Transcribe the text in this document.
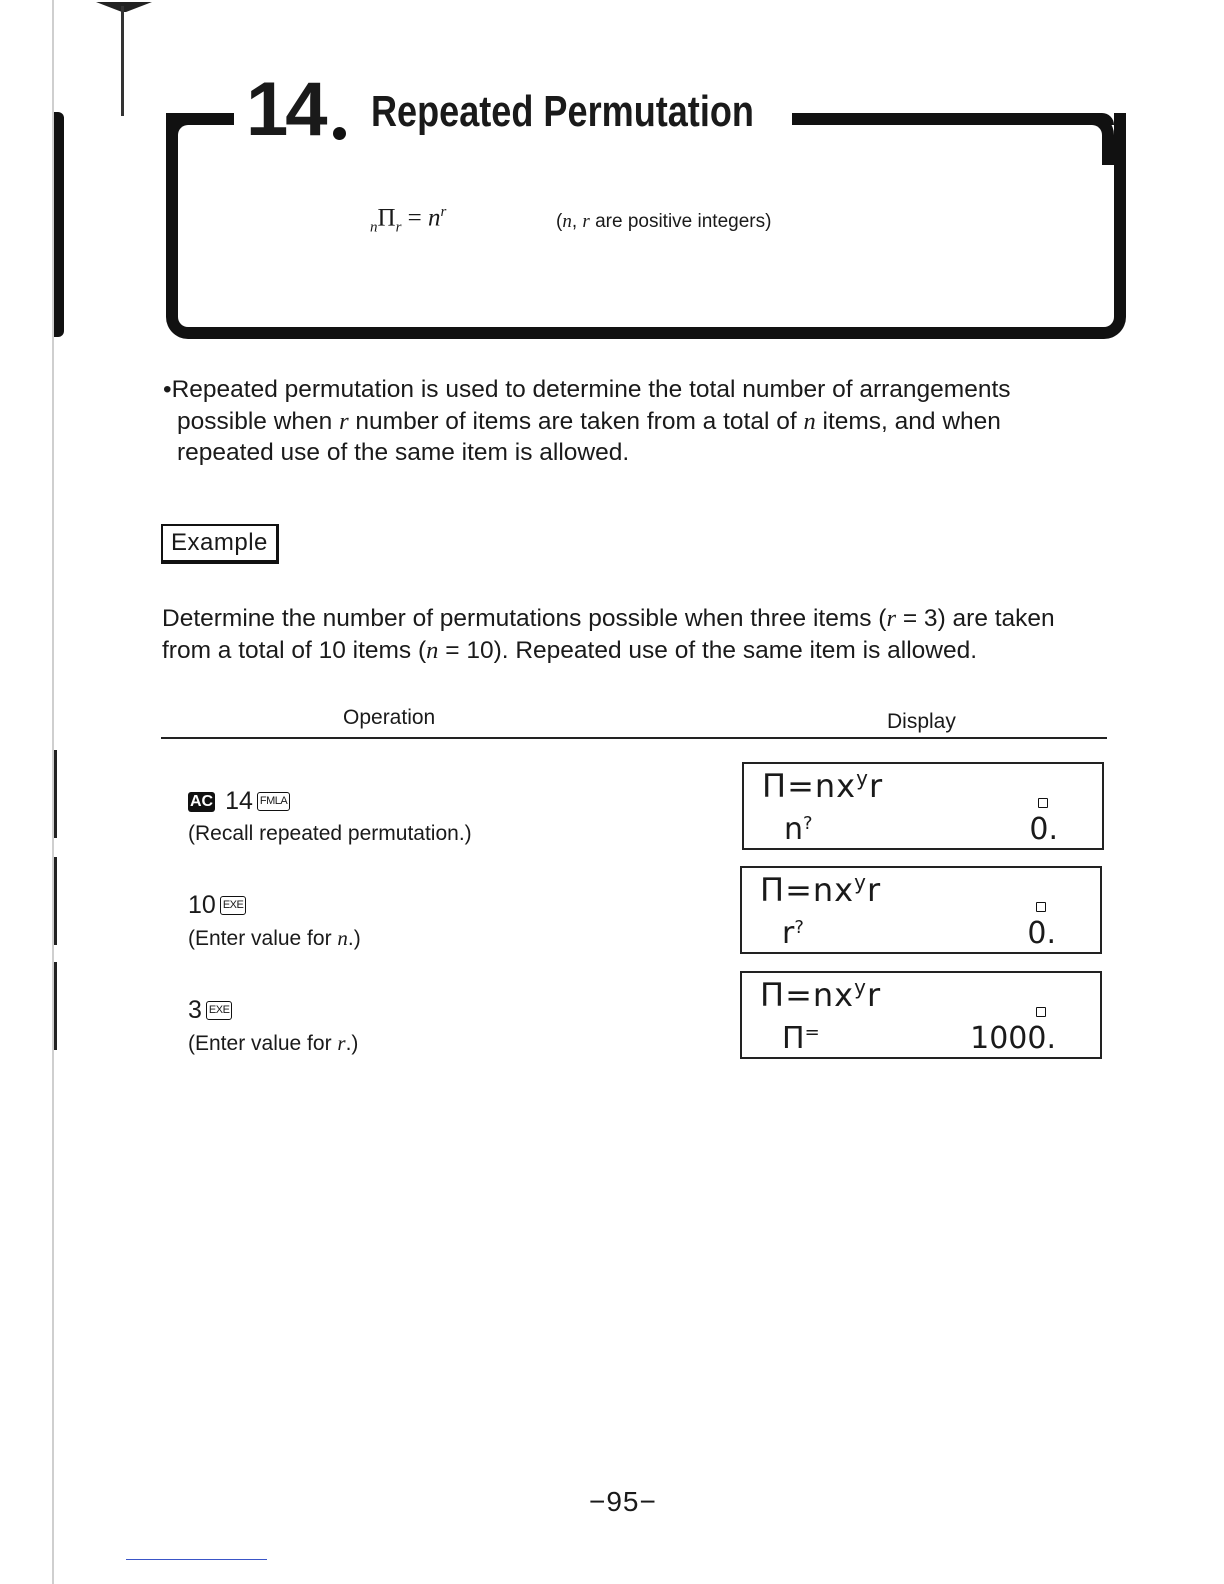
14 Repeated Permutation
$_n\Pi_r = n^r$	(n, r are positive integers)
•Repeated permutation is used to determine the total number of arrangements
possible when r number of items are taken from a total of n items, and when
repeated use of the same item is allowed.
Example
Determine the number of permutations possible when three items (r = 3) are taken
from a total of 10 items (n = 10). Repeated use of the same item is allowed.
Operation	Display
AC 14 FMLA
(Recall repeated permutation.)
$\Pi=nx^yr$
n?	0.
10 EXE
(Enter value for n.)
$\Pi=nx^yr$
r?	0.
3 EXE
(Enter value for r.)
$\Pi=nx^yr$
Π=	1000.
−95−
